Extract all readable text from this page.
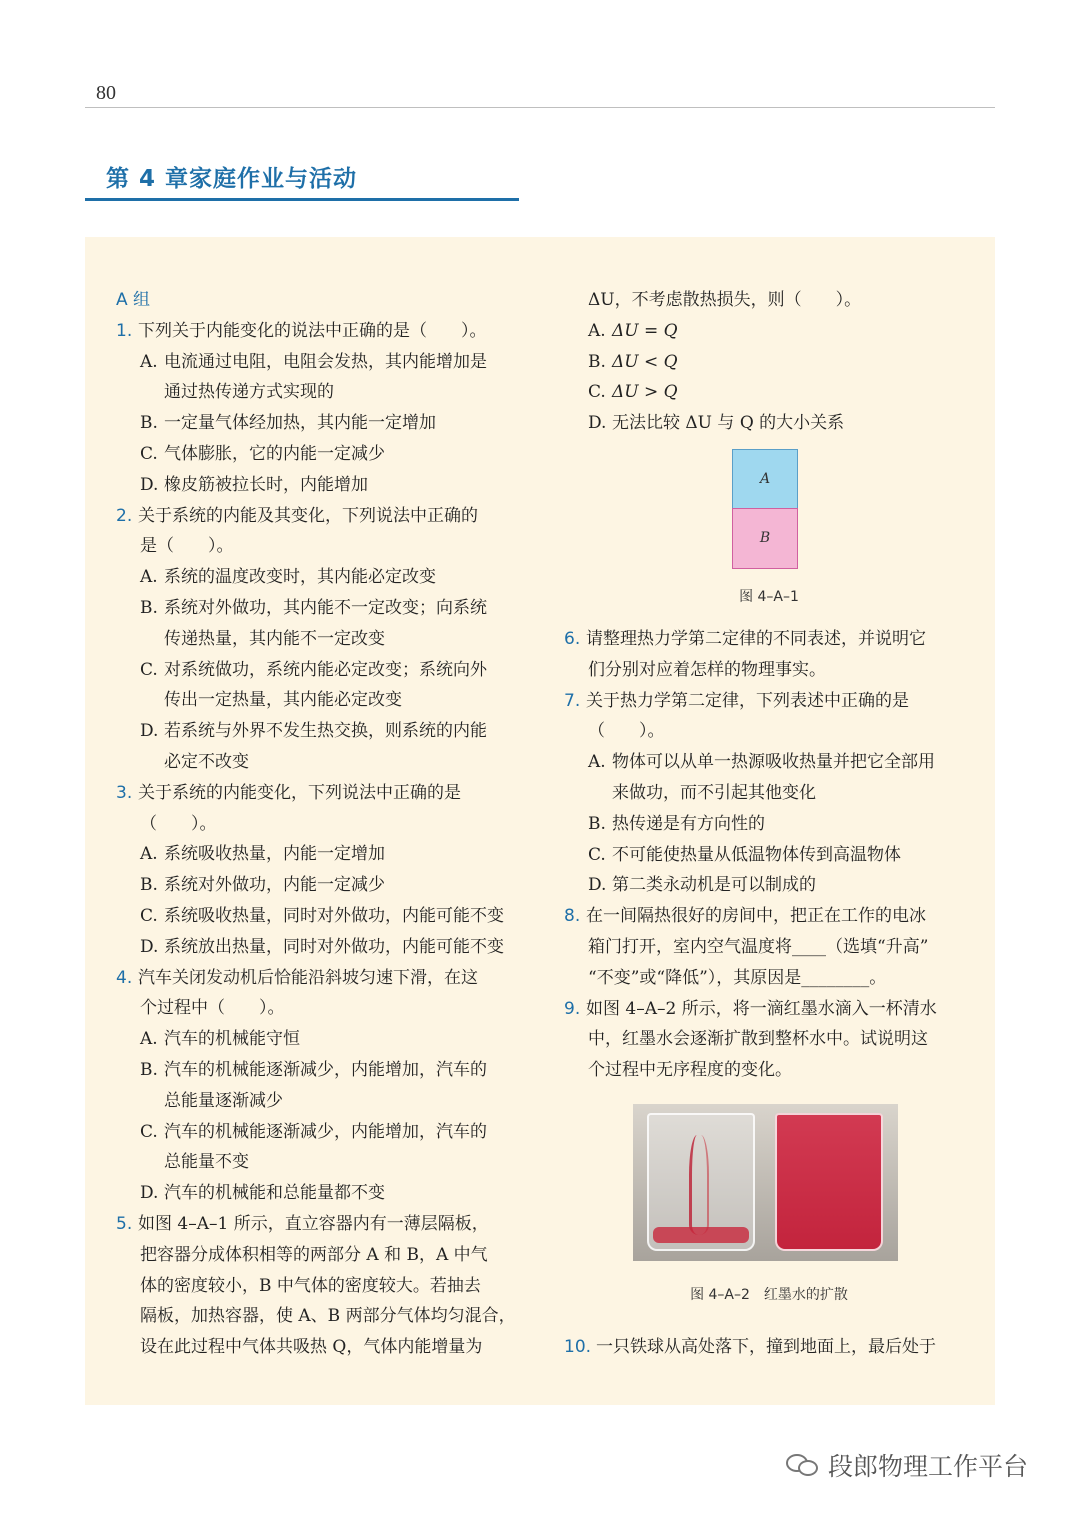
80
第 4 章家庭作业与活动
A 组
1. 下列关于内能变化的说法中正确的是（　　）。
A. 电流通过电阻，电阻会发热，其内能增加是
通过热传递方式实现的
B. 一定量气体经加热，其内能一定增加
C. 气体膨胀，它的内能一定减少
D. 橡皮筋被拉长时，内能增加
2. 关于系统的内能及其变化，下列说法中正确的
是（　　）。
A. 系统的温度改变时，其内能必定改变
B. 系统对外做功，其内能不一定改变；向系统
传递热量，其内能不一定改变
C. 对系统做功，系统内能必定改变；系统向外
传出一定热量，其内能必定改变
D. 若系统与外界不发生热交换，则系统的内能
必定不改变
3. 关于系统的内能变化，下列说法中正确的是
（　　）。
A. 系统吸收热量，内能一定增加
B. 系统对外做功，内能一定减少
C. 系统吸收热量，同时对外做功，内能可能不变
D. 系统放出热量，同时对外做功，内能可能不变
4. 汽车关闭发动机后恰能沿斜坡匀速下滑，在这
个过程中（　　）。
A. 汽车的机械能守恒
B. 汽车的机械能逐渐减少，内能增加，汽车的
总能量逐渐减少
C. 汽车的机械能逐渐减少，内能增加，汽车的
总能量不变
D. 汽车的机械能和总能量都不变
5. 如图 4–A–1 所示，直立容器内有一薄层隔板，
把容器分成体积相等的两部分 A 和 B，A 中气
体的密度较小，B 中气体的密度较大。若抽去
隔板，加热容器，使 A、B 两部分气体均匀混合，
设在此过程中气体共吸热 Q，气体内能增量为
ΔU，不考虑散热损失，则（　　）。
A. ΔU = Q
B. ΔU < Q
C. ΔU > Q
D. 无法比较 ΔU 与 Q 的大小关系
A
B
图 4–A–1
6. 请整理热力学第二定律的不同表述，并说明它
们分别对应着怎样的物理事实。
7. 关于热力学第二定律，下列表述中正确的是
（　　）。
A. 物体可以从单一热源吸收热量并把它全部用
来做功，而不引起其他变化
B. 热传递是有方向性的
C. 不可能使热量从低温物体传到高温物体
D. 第二类永动机是可以制成的
8. 在一间隔热很好的房间中，把正在工作的电冰
箱门打开，室内空气温度将____（选填“升高”
“不变”或“降低”），其原因是________。
9. 如图 4–A–2 所示，将一滴红墨水滴入一杯清水
中，红墨水会逐渐扩散到整杯水中。试说明这
个过程中无序程度的变化。
图 4–A–2　红墨水的扩散
10. 一只铁球从高处落下，撞到地面上，最后处于
段郎物理工作平台
